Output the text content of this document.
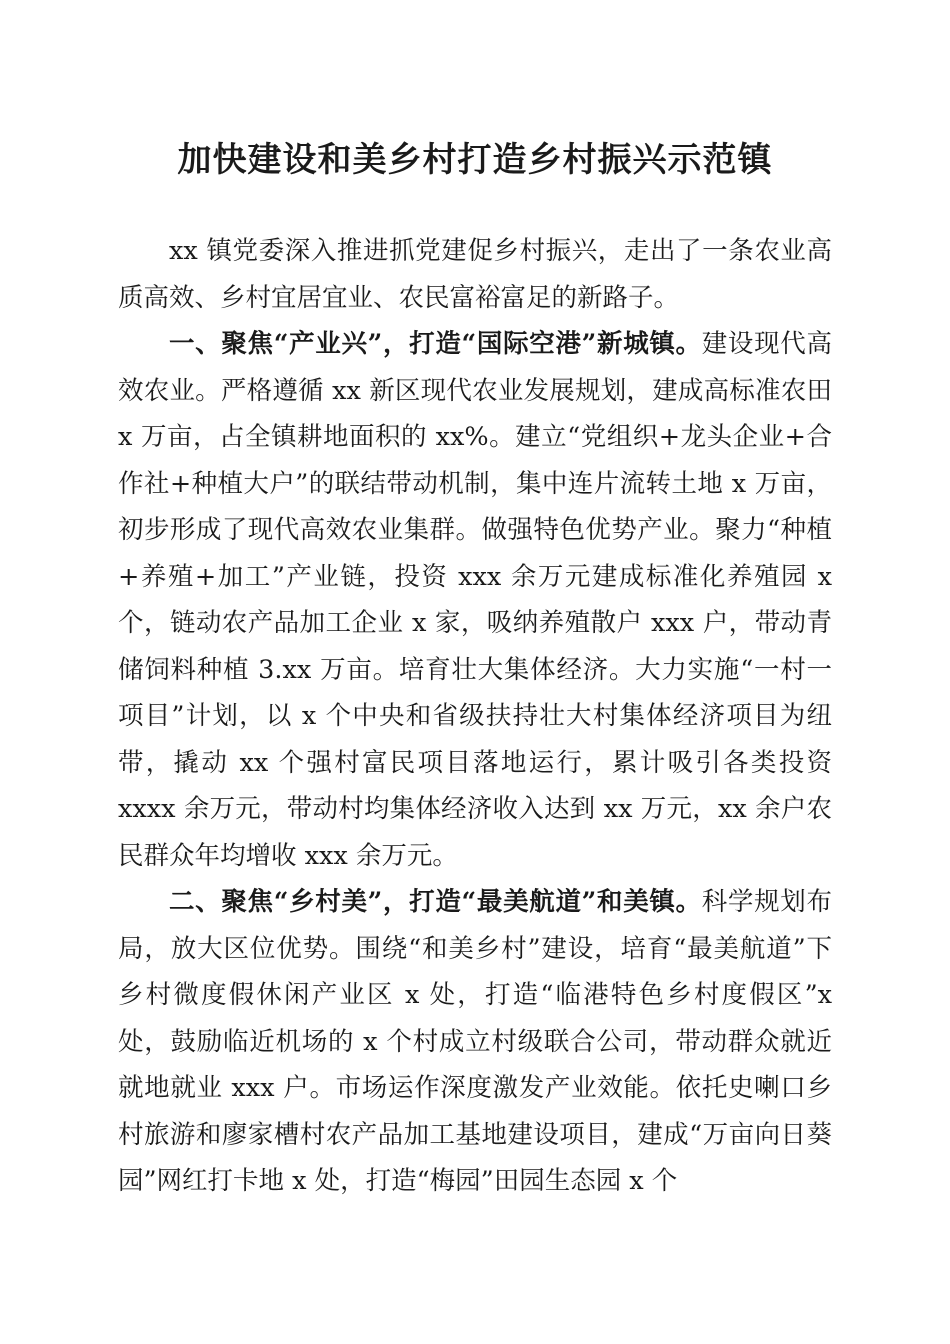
加快建设和美乡村打造乡村振兴示范镇

xx 镇党委深入推进抓党建促乡村振兴，走出了一条农业高质高效、乡村宜居宜业、农民富裕富足的新路子。

一、聚焦“产业兴”，打造“国际空港”新城镇。建设现代高效农业。严格遵循 xx 新区现代农业发展规划，建成高标准农田 x 万亩，占全镇耕地面积的 xx%。建立“党组织+龙头企业+合作社+种植大户”的联结带动机制，集中连片流转土地 x 万亩，初步形成了现代高效农业集群。做强特色优势产业。聚力“种植+养殖+加工”产业链，投资 xxx 余万元建成标准化养殖园 x 个，链动农产品加工企业 x 家，吸纳养殖散户 xxx 户，带动青储饲料种植 3.xx 万亩。培育壮大集体经济。大力实施“一村一项目”计划，以 x 个中央和省级扶持壮大村集体经济项目为纽带，撬动 xx 个强村富民项目落地运行，累计吸引各类投资 xxxx 余万元，带动村均集体经济收入达到 xx 万元，xx 余户农民群众年均增收 xxx 余万元。

二、聚焦“乡村美”，打造“最美航道”和美镇。科学规划布局，放大区位优势。围绕“和美乡村”建设，培育“最美航道”下乡村微度假休闲产业区 x 处，打造“临港特色乡村度假区”x 处，鼓励临近机场的 x 个村成立村级联合公司，带动群众就近就地就业 xxx 户。市场运作深度激发产业效能。依托史喇口乡村旅游和廖家槽村农产品加工基地建设项目，建成“万亩向日葵园”网红打卡地 x 处，打造“梅园”田园生态园 x 个
